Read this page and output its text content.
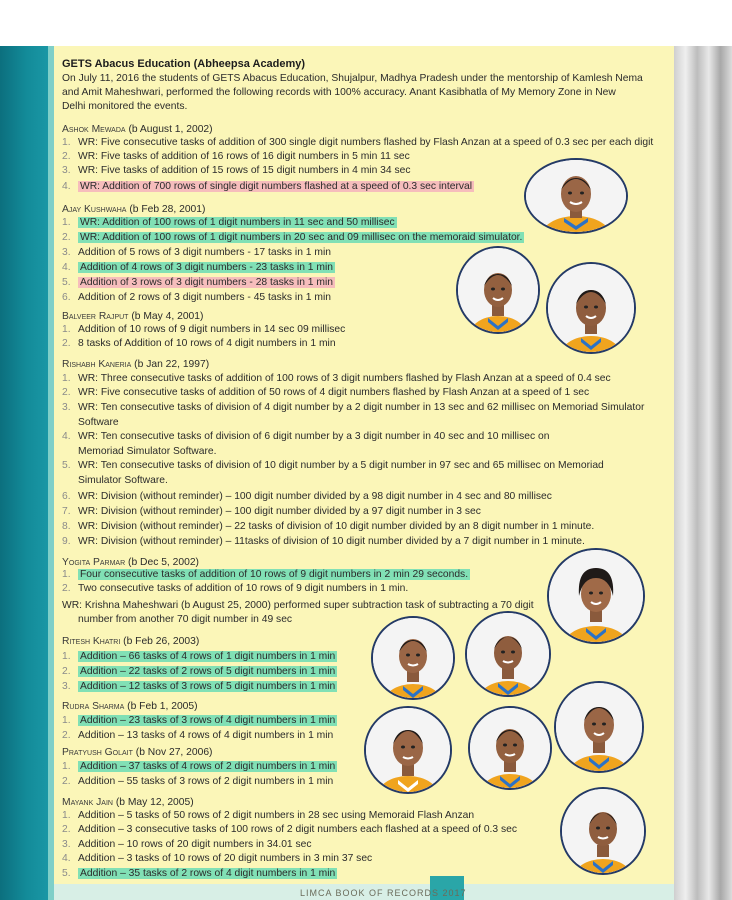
LIMCA BOOK OF RECORDS 2017
GETS Abacus Education (Abheepsa Academy)
On July 11, 2016 the students of GETS Abacus Education, Shujalpur, Madhya Pradesh under the mentorship of Kamlesh Nema
and Amit Maheshwari, performed the following records with 100% accuracy. Anant Kasibhatla of My Memory Zone in New
Delhi monitored the events.
Ashok Mewada (b August 1, 2002)
1. WR: Five consecutive tasks of addition of 300 single digit numbers flashed by Flash Anzan at a speed of 0.3 sec per each digit
2. WR: Five tasks of addition of 16 rows of 16 digit numbers in 5 min 11 sec
3. WR: Five tasks of addition of 15 rows of 15 digit numbers in 4 min 34 sec
4. WR: Addition of 700 rows of single digit numbers flashed at a speed of 0.3 sec interval
Ajay Kushwaha (b Feb 28, 2001)
1. WR: Addition of 100 rows of 1 digit numbers in 11 sec and 50 millisec
2. WR: Addition of 100 rows of 1 digit numbers in 20 sec and 09 millisec on the memoraid simulator.
3. Addition of 5 rows of 3 digit numbers - 17 tasks in 1 min
4. Addition of 4 rows of 3 digit numbers - 23 tasks in 1 min
5. Addition of 3 rows of 3 digit numbers - 28 tasks in 1 min
6. Addition of 2 rows of 3 digit numbers - 45 tasks in 1 min
Balveer Rajput (b May 4, 2001)
1. Addition of 10 rows of 9 digit numbers in 14 sec 09 millisec
2. 8 tasks of Addition of 10 rows of 4 digit numbers in 1 min
Rishabh Kaneria (b Jan 22, 1997)
1. WR: Three consecutive tasks of addition of 100 rows of 3 digit numbers flashed by Flash Anzan at a speed of 0.4 sec
2. WR: Five consecutive tasks of addition of 50 rows of 4 digit numbers flashed by Flash Anzan at a speed of 1 sec
3. WR: Ten consecutive tasks of division of 4 digit number by a 2 digit number in 13 sec and 62 millisec on Memoriad Simulator
Software
4. WR: Ten consecutive tasks of division of 6 digit number by a 3 digit number in 40 sec and 10 millisec on
Memoriad Simulator Software.
5. WR: Ten consecutive tasks of division of 10 digit number by a 5 digit number in 97 sec and 65 millisec on Memoriad
Simulator Software.
6. WR: Division (without reminder) – 100 digit number divided by a 98 digit number in 4 sec and 80 millisec
7. WR: Division (without reminder) – 100 digit number divided by a 97 digit number in 3 sec
8. WR: Division (without reminder) – 22 tasks of division of 10 digit number divided by an 8 digit number in 1 minute.
9. WR: Division (without reminder) – 11tasks of division of 10 digit number divided by a 7 digit number in 1 minute.
Yogita Parmar (b Dec 5, 2002)
1. Four consecutive tasks of addition of 10 rows of 9 digit numbers in 2 min 29 seconds.
2. Two consecutive tasks of addition of 10 rows of 9 digit numbers in 1 min.
WR: Krishna Maheshwari (b August 25, 2000) performed super subtraction task of subtracting a 70 digit
number from another 70 digit number in 49 sec
Ritesh Khatri (b Feb 26, 2003)
1. Addition – 66 tasks of 4 rows of 1 digit numbers in 1 min
2. Addition – 22 tasks of 2 rows of 5 digit numbers in 1 min
3. Addition – 12 tasks of 3 rows of 5 digit numbers in 1 min
Rudra Sharma (b Feb 1, 2005)
1. Addition – 23 tasks of 3 rows of 4 digit numbers in 1 min
2. Addition – 13 tasks of 4 rows of 4 digit numbers in 1 min
Pratyush Golait (b Nov 27, 2006)
1. Addition – 37 tasks of 4 rows of 2 digit numbers in 1 min
2. Addition – 55 tasks of 3 rows of 2 digit numbers in 1 min
Mayank Jain (b May 12, 2005)
1. Addition – 5 tasks of 50 rows of 2 digit numbers in 28 sec using Memoraid Flash Anzan
2. Addition – 3 consecutive tasks of 100 rows of 2 digit numbers each flashed at a speed of 0.3 sec
3. Addition – 10 rows of 20 digit numbers in 34.01 sec
4. Addition – 3 tasks of 10 rows of 20 digit numbers in 3 min 37 sec
5. Addition – 35 tasks of 2 rows of 4 digit numbers in 1 min
